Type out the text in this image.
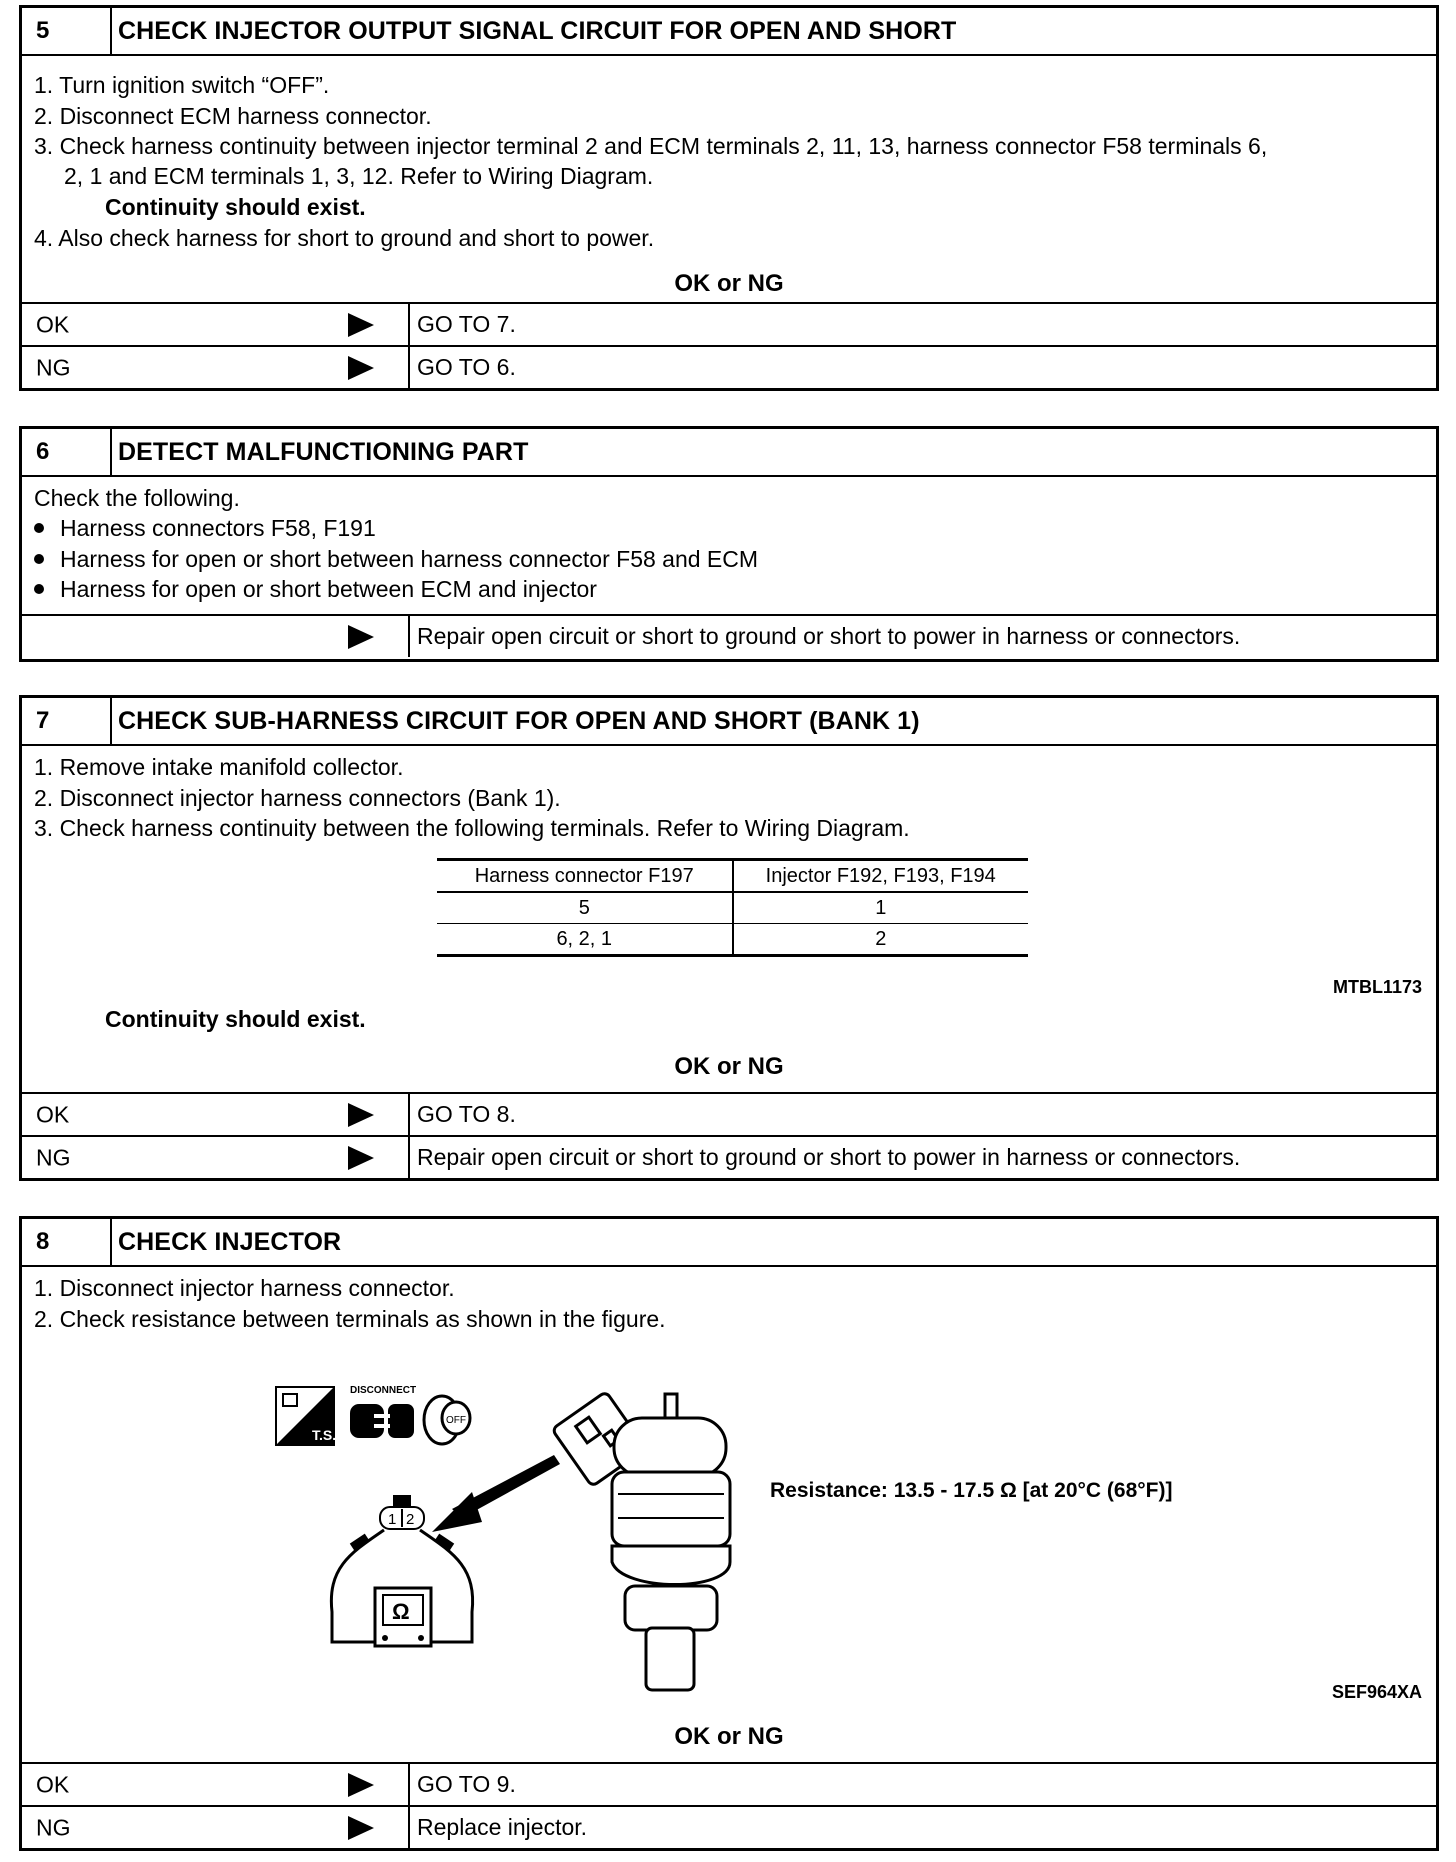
5	CHECK INJECTOR OUTPUT SIGNAL CIRCUIT FOR OPEN AND SHORT
1. Turn ignition switch “OFF”.
2. Disconnect ECM harness connector.
3. Check harness continuity between injector terminal 2 and ECM terminals 2, 11, 13, harness connector F58 terminals 6,
2, 1 and ECM terminals 1, 3, 12. Refer to Wiring Diagram.
Continuity should exist.
4. Also check harness for short to ground and short to power.
OK or NG
OK	GO TO 7.
NG	GO TO 6.
6	DETECT MALFUNCTIONING PART
Check the following.
Harness connectors F58, F191
Harness for open or short between harness connector F58 and ECM
Harness for open or short between ECM and injector
Repair open circuit or short to ground or short to power in harness or connectors.
7	CHECK SUB-HARNESS CIRCUIT FOR OPEN AND SHORT (BANK 1)
1. Remove intake manifold collector.
2. Disconnect injector harness connectors (Bank 1).
3. Check harness continuity between the following terminals. Refer to Wiring Diagram.
Harness connector F197	Injector F192, F193, F194
5	1
6, 2, 1	2
MTBL1173
Continuity should exist.
OK or NG
OK	GO TO 8.
NG	Repair open circuit or short to ground or short to power in harness or connectors.
8	CHECK INJECTOR
1. Disconnect injector harness connector.
2. Check resistance between terminals as shown in the figure.
T.S.
DISCONNECT
OFF
1 2
Ω
Resistance: 13.5 - 17.5 Ω [at 20°C (68°F)]
SEF964XA
OK or NG
OK	GO TO 9.
NG	Replace injector.
